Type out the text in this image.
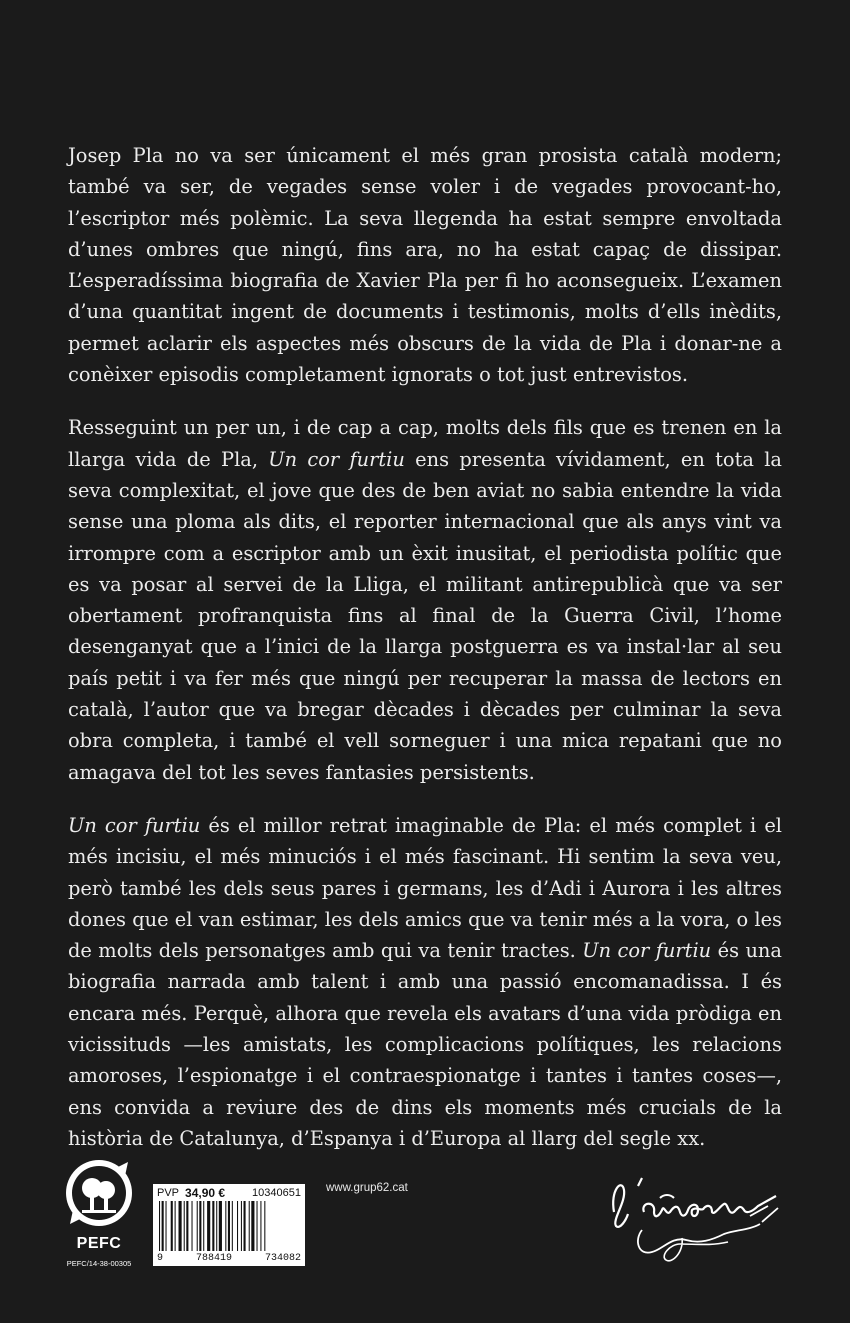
Josep Pla no va ser únicament el més gran prosista català modern; també va ser, de vegades sense voler i de vegades provocant-ho, l’escriptor més polèmic. La seva llegenda ha estat sempre envoltada d’unes ombres que ningú, fins ara, no ha estat capaç de dissipar. L’esperadíssima biografia de Xavier Pla per fi ho aconsegueix. L’examen d’una quantitat ingent de documents i testimonis, molts d’ells inèdits, permet aclarir els aspectes més obscurs de la vida de Pla i donar-ne a conèixer episodis completament ignorats o tot just entrevistos.

Resseguint un per un, i de cap a cap, molts dels fils que es trenen en la llarga vida de Pla, Un cor furtiu ens presenta vívidament, en tota la seva complexitat, el jove que des de ben aviat no sabia entendre la vida sense una ploma als dits, el reporter internacional que als anys vint va irrompre com a escriptor amb un èxit inusitat, el periodista polític que es va posar al servei de la Lliga, el militant antirepublicà que va ser obertament profranquista fins al final de la Guerra Civil, l’home desenganyat que a l’inici de la llarga postguerra es va instal·lar al seu país petit i va fer més que ningú per recuperar la massa de lectors en català, l’autor que va bregar dècades i dècades per culminar la seva obra completa, i també el vell sorneguer i una mica repatani que no amagava del tot les seves fantasies persistents.

Un cor furtiu és el millor retrat imaginable de Pla: el més complet i el més incisiu, el més minuciós i el més fascinant. Hi sentim la seva veu, però també les dels seus pares i germans, les d’Adi i Aurora i les altres dones que el van estimar, les dels amics que va tenir més a la vora, o les de molts dels personatges amb qui va tenir tractes. Un cor furtiu és una biografia narrada amb talent i amb una passió encomanadissa. I és encara més. Perquè, alhora que revela els avatars d’una vida pròdiga en vicissituds —les amistats, les complicacions polítiques, les relacions amoroses, l’espionatge i el contraespionatge i tantes i tantes coses—, ens convida a reviure des de dins els moments més crucials de la història de Catalunya, d’Espanya i d’Europa al llarg del segle xx.

PEFC
PEFC/14-38-00305
PVP 34,90 € 10340651
9	788419	734082
www.grup62.cat
